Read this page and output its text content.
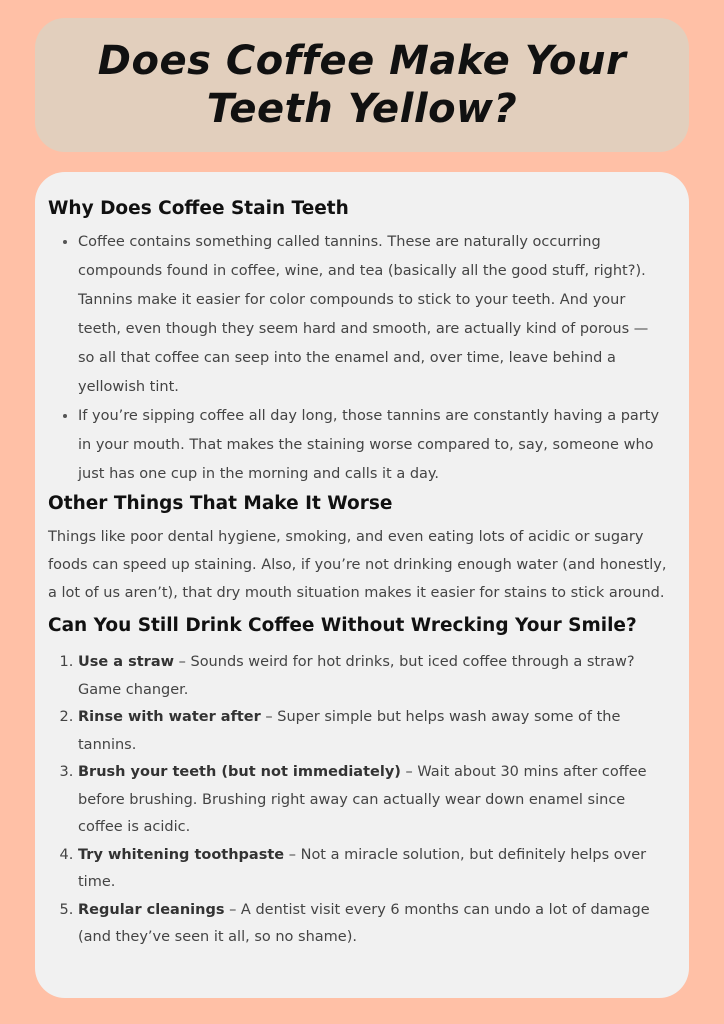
Does Coffee Make Your Teeth Yellow?
Why Does Coffee Stain Teeth
• Coffee contains something called tannins. These are naturally occurring compounds found in coffee, wine, and tea (basically all the good stuff, right?). Tannins make it easier for color compounds to stick to your teeth. And your teeth, even though they seem hard and smooth, are actually kind of porous — so all that coffee can seep into the enamel and, over time, leave behind a yellowish tint.
• If you’re sipping coffee all day long, those tannins are constantly having a party in your mouth. That makes the staining worse compared to, say, someone who just has one cup in the morning and calls it a day.
Other Things That Make It Worse

Things like poor dental hygiene, smoking, and even eating lots of acidic or sugary foods can speed up staining. Also, if you’re not drinking enough water (and honestly, a lot of us aren’t), that dry mouth situation makes it easier for stains to stick around.

Can You Still Drink Coffee Without Wrecking Your Smile?
1. Use a straw – Sounds weird for hot drinks, but iced coffee through a straw? Game changer.
2. Rinse with water after – Super simple but helps wash away some of the tannins.
3. Brush your teeth (but not immediately) – Wait about 30 mins after coffee before brushing. Brushing right away can actually wear down enamel since coffee is acidic.
4. Try whitening toothpaste – Not a miracle solution, but definitely helps over time.
5. Regular cleanings – A dentist visit every 6 months can undo a lot of damage (and they’ve seen it all, so no shame).
